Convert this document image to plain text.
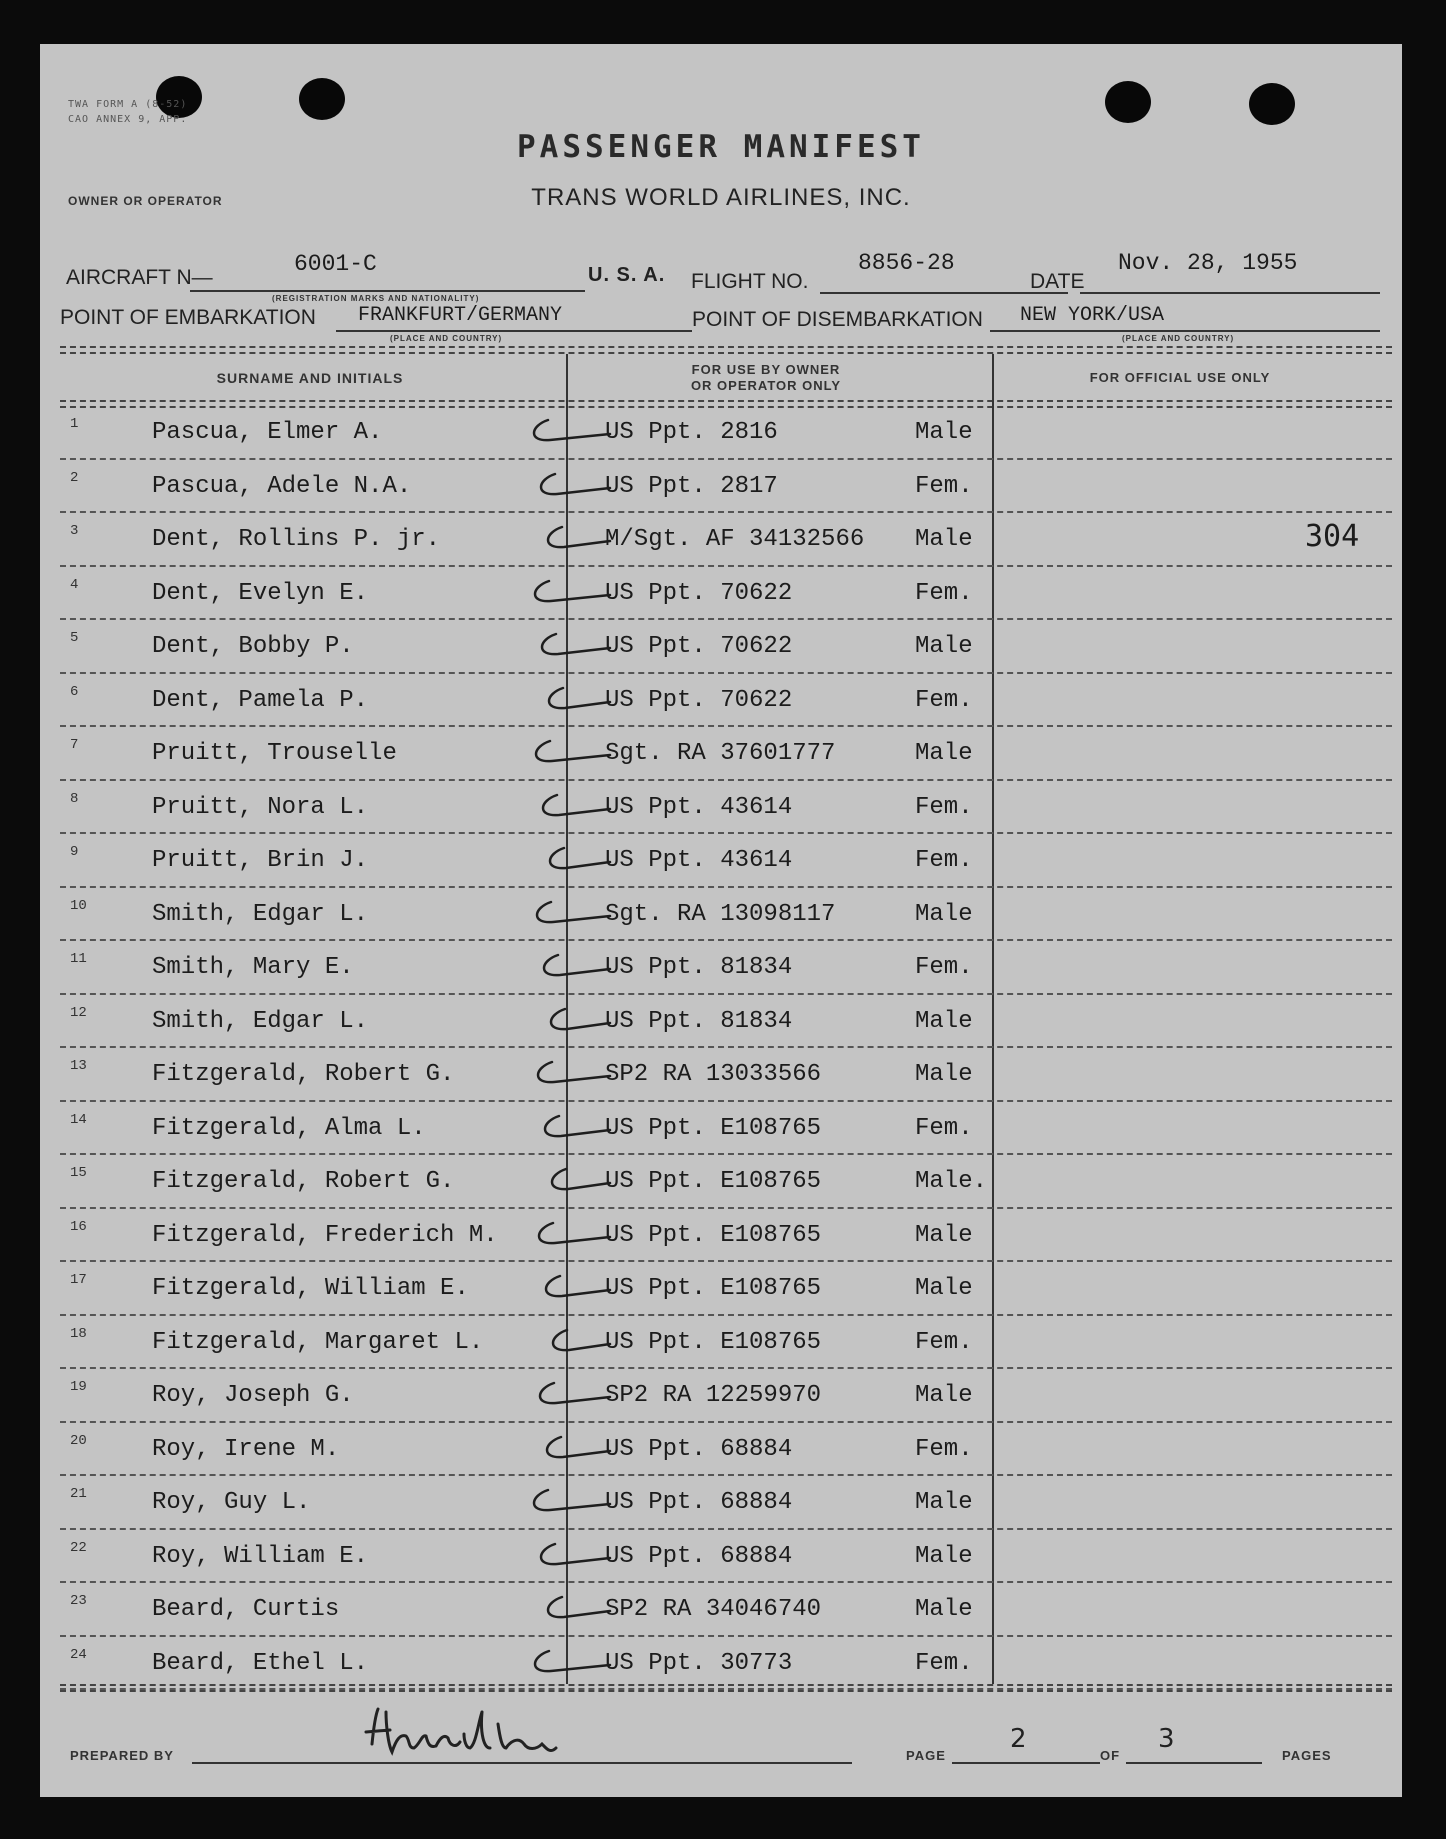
TWA FORM A (8-52)
CAO ANNEX 9, APP.
PASSENGER MANIFEST
TRANS WORLD AIRLINES, INC.
OWNER OR OPERATOR
AIRCRAFT N—
6001-C
(REGISTRATION MARKS AND NATIONALITY)
U. S. A. FLIGHT NO.
8856-28
DATE
Nov. 28, 1955
POINT OF EMBARKATION FRANKFURT/GERMANY
(PLACE AND COUNTRY)
POINT OF DISEMBARKATION NEW YORK/USA
(PLACE AND COUNTRY)
SURNAME AND INITIALS
FOR USE BY OWNER
OR OPERATOR ONLY
FOR OFFICIAL USE ONLY
1	Pascua, Elmer A.	US Ppt. 2816	Male
2	Pascua, Adele N.A.	US Ppt. 2817	Fem.
3	Dent, Rollins P. jr.	M/Sgt. AF 34132566 Male	304
4	Dent, Evelyn E.	US Ppt. 70622	Fem.
5	Dent, Bobby P.	US Ppt. 70622	Male
6	Dent, Pamela P.	US Ppt. 70622	Fem.
7	Pruitt, Trouselle	Sgt. RA 37601777	Male
8	Pruitt, Nora L.	US Ppt. 43614	Fem.
9	Pruitt, Brin J.	US Ppt. 43614	Fem.
10	Smith, Edgar L.	Sgt. RA 13098117	Male
11	Smith, Mary E.	US Ppt. 81834	Fem.
12	Smith, Edgar L.	US Ppt. 81834	Male
13	Fitzgerald, Robert G.	SP2 RA 13033566	Male
14	Fitzgerald, Alma L.	US Ppt. E108765	Fem.
15	Fitzgerald, Robert G.	US Ppt. E108765	Male.
16	Fitzgerald, Frederich M.	US Ppt. E108765	Male
17	Fitzgerald, William E.	US Ppt. E108765	Male
18	Fitzgerald, Margaret L.	US Ppt. E108765	Fem.
19	Roy, Joseph G.	SP2 RA 12259970	Male
20	Roy, Irene M.	US Ppt. 68884	Fem.
21	Roy, Guy L.	US Ppt. 68884	Male
22	Roy, William E.	US Ppt. 68884	Male
23	Beard, Curtis	SP2 RA 34046740	Male
24	Beard, Ethel L.	US Ppt. 30773	Fem.
PREPARED BY	PAGE
2
OF
3
PAGES
